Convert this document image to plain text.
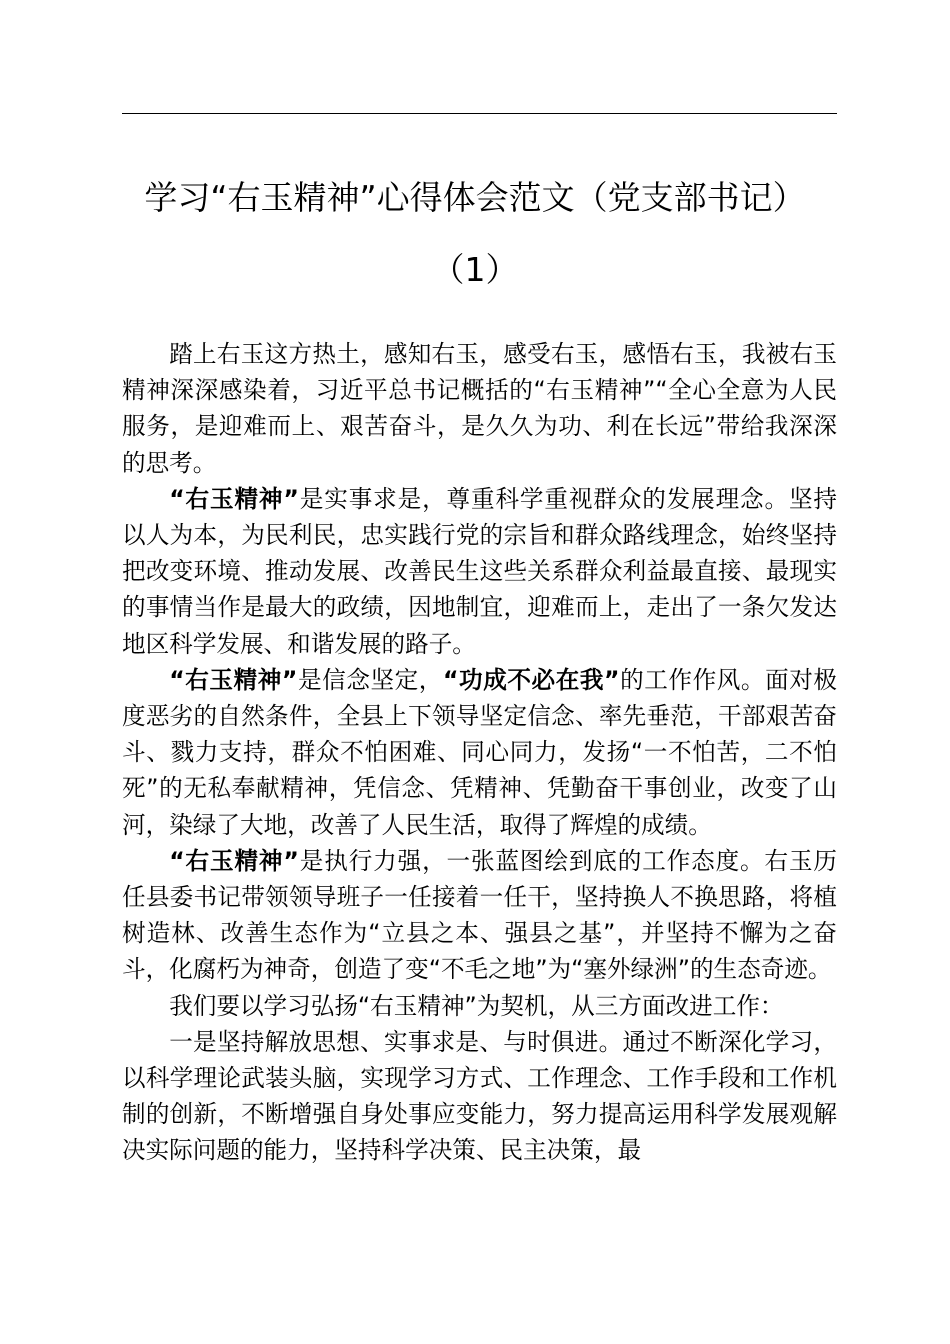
学习“右玉精神”心得体会范文（党支部书记）
（1）

踏上右玉这方热土，感知右玉，感受右玉，感悟右玉，我被右玉精神深深感染着，习近平总书记概括的“右玉精神”“全心全意为人民服务，是迎难而上、艰苦奋斗，是久久为功、利在长远”带给我深深的思考。

“右玉精神”是实事求是，尊重科学重视群众的发展理念。坚持以人为本，为民利民，忠实践行党的宗旨和群众路线理念，始终坚持把改变环境、推动发展、改善民生这些关系群众利益最直接、最现实的事情当作是最大的政绩，因地制宜，迎难而上，走出了一条欠发达地区科学发展、和谐发展的路子。

“右玉精神”是信念坚定，“功成不必在我”的工作作风。面对极度恶劣的自然条件，全县上下领导坚定信念、率先垂范，干部艰苦奋斗、戮力支持，群众不怕困难、同心同力，发扬“一不怕苦，二不怕死”的无私奉献精神，凭信念、凭精神、凭勤奋干事创业，改变了山河，染绿了大地，改善了人民生活，取得了辉煌的成绩。

“右玉精神”是执行力强，一张蓝图绘到底的工作态度。右玉历任县委书记带领领导班子一任接着一任干，坚持换人不换思路，将植树造林、改善生态作为“立县之本、强县之基”，并坚持不懈为之奋斗，化腐朽为神奇，创造了变“不毛之地”为“塞外绿洲”的生态奇迹。

我们要以学习弘扬“右玉精神”为契机，从三方面改进工作：

一是坚持解放思想、实事求是、与时俱进。通过不断深化学习，以科学理论武装头脑，实现学习方式、工作理念、工作手段和工作机制的创新，不断增强自身处事应变能力，努力提高运用科学发展观解决实际问题的能力，坚持科学决策、民主决策，最
